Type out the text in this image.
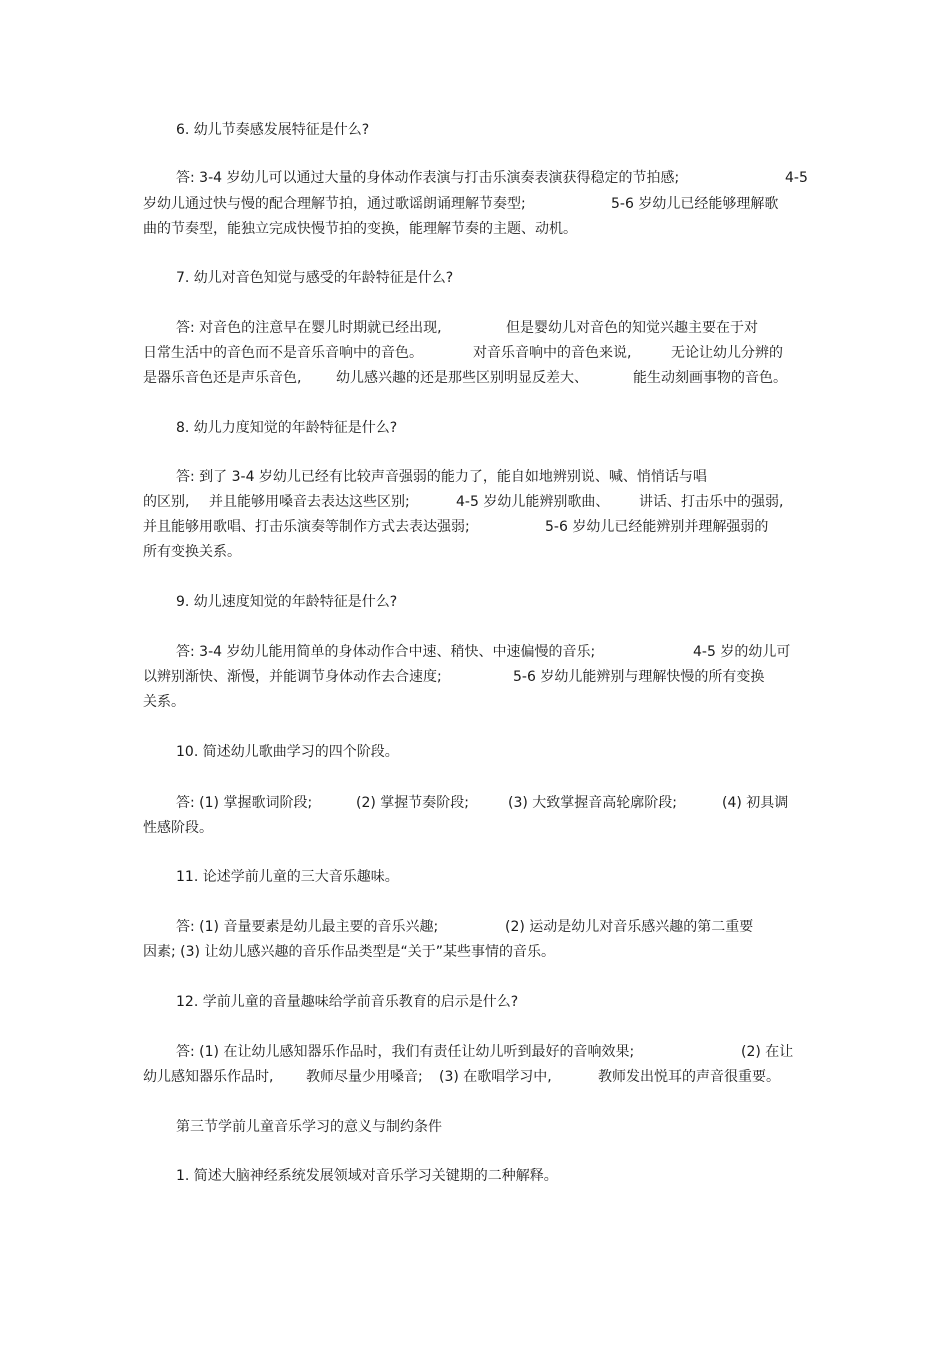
6. 幼儿节奏感发展特征是什么?
答: 3-4 岁幼儿可以通过大量的身体动作表演与打击乐演奏表演获得稳定的节拍感;	4-5
岁幼儿通过快与慢的配合理解节拍，通过歌谣朗诵理解节奏型;	5-6 岁幼儿已经能够理解歌
曲的节奏型，能独立完成快慢节拍的变换，能理解节奏的主题、动机。
7. 幼儿对音色知觉与感受的年龄特征是什么?
答: 对音色的注意早在婴儿时期就已经出现,	但是婴幼儿对音色的知觉兴趣主要在于对
日常生活中的音色而不是音乐音响中的音色。	对音乐音响中的音色来说,	无论让幼儿分辨的
是器乐音色还是声乐音色, 幼儿感兴趣的还是那些区别明显反差大、	能生动刻画事物的音色。
8. 幼儿力度知觉的年龄特征是什么?
答: 到了 3-4 岁幼儿已经有比较声音强弱的能力了，能自如地辨别说、喊、悄悄话与唱
的区别, 并且能够用嗓音去表达这些区别;	4-5 岁幼儿能辨别歌曲、 讲话、打击乐中的强弱,
并且能够用歌唱、打击乐演奏等制作方式去表达强弱;	5-6 岁幼儿已经能辨别并理解强弱的
所有变换关系。
9. 幼儿速度知觉的年龄特征是什么?
答: 3-4 岁幼儿能用简单的身体动作合中速、稍快、中速偏慢的音乐;	4-5 岁的幼儿可
以辨别渐快、渐慢，并能调节身体动作去合速度;	5-6 岁幼儿能辨别与理解快慢的所有变换
关系。
10. 简述幼儿歌曲学习的四个阶段。
答: (1) 掌握歌词阶段;	(2) 掌握节奏阶段;	(3) 大致掌握音高轮廓阶段;	(4) 初具调
性感阶段。
11. 论述学前儿童的三大音乐趣味。
答: (1) 音量要素是幼儿最主要的音乐兴趣;	(2) 运动是幼儿对音乐感兴趣的第二重要
因素; (3) 让幼儿感兴趣的音乐作品类型是“关于”某些事情的音乐。
12. 学前儿童的音量趣味给学前音乐教育的启示是什么?
答: (1) 在让幼儿感知器乐作品时，我们有责任让幼儿听到最好的音响效果;	(2) 在让
幼儿感知器乐作品时, 教师尽量少用嗓音; (3) 在歌唱学习中,	教师发出悦耳的声音很重要。
第三节学前儿童音乐学习的意义与制约条件
1. 简述大脑神经系统发展领域对音乐学习关键期的二种解释。
